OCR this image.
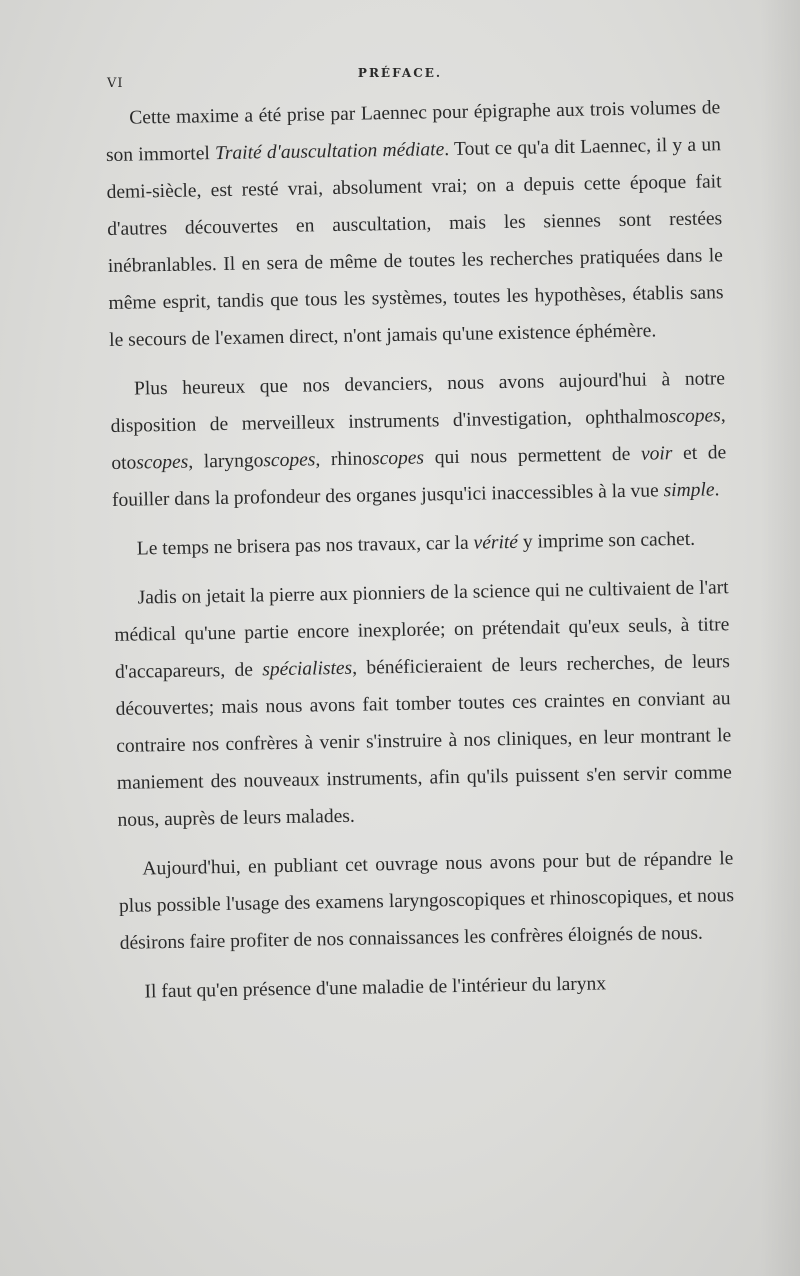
VI
PRÉFACE.

Cette maxime a été prise par Laennec pour épigraphe aux trois volumes de son immortel Traité d'auscultation médiate. Tout ce qu'a dit Laennec, il y a un demi-siècle, est resté vrai, absolument vrai; on a depuis cette époque fait d'autres découvertes en auscultation, mais les siennes sont restées inébranlables. Il en sera de même de toutes les recherches pratiquées dans le même esprit, tandis que tous les systèmes, toutes les hypothèses, établis sans le secours de l'examen direct, n'ont jamais qu'une existence éphémère.

Plus heureux que nos devanciers, nous avons aujourd'hui à notre disposition de merveilleux instruments d'investigation, ophthalmoscopes, otoscopes, laryngoscopes, rhinoscopes qui nous permettent de voir et de fouiller dans la profondeur des organes jusqu'ici inaccessibles à la vue simple.

Le temps ne brisera pas nos travaux, car la vérité y imprime son cachet.

Jadis on jetait la pierre aux pionniers de la science qui ne cultivaient de l'art médical qu'une partie encore inexplorée; on prétendait qu'eux seuls, à titre d'accapareurs, de spécialistes, bénéficieraient de leurs recherches, de leurs découvertes; mais nous avons fait tomber toutes ces craintes en conviant au contraire nos confrères à venir s'instruire à nos cliniques, en leur montrant le maniement des nouveaux instruments, afin qu'ils puissent s'en servir comme nous, auprès de leurs malades.

Aujourd'hui, en publiant cet ouvrage nous avons pour but de répandre le plus possible l'usage des examens laryngoscopiques et rhinoscopiques, et nous désirons faire profiter de nos connaissances les confrères éloignés de nous.

Il faut qu'en présence d'une maladie de l'intérieur du larynx
